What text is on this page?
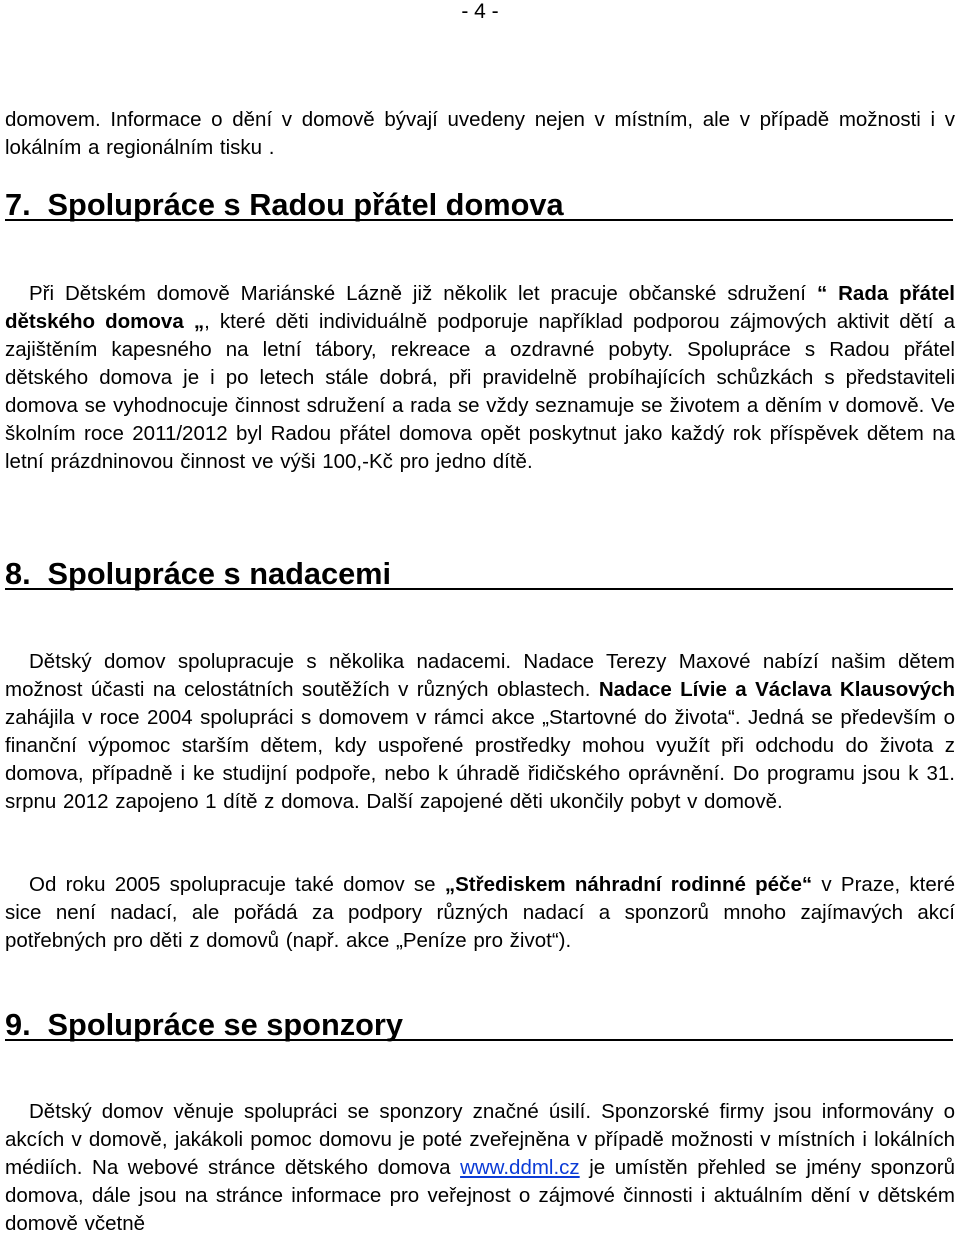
- 4 -

domovem. Informace o dění v domově bývají uvedeny nejen v místním, ale v případě možnosti i v lokálním a regionálním tisku .

7. Spolupráce s Radou přátel domova

Při Dětském domově Mariánské Lázně již několik let pracuje občanské sdružení “ Rada přátel dětského domova „, které děti individuálně podporuje například podporou zájmových aktivit dětí a zajištěním kapesného na letní tábory, rekreace a ozdravné pobyty. Spolupráce s Radou přátel dětského domova je i po letech stále dobrá, při pravidelně probíhajících schůzkách s představiteli domova se vyhodnocuje činnost sdružení a rada se vždy seznamuje se životem a děním v domově. Ve školním roce 2011/2012 byl Radou přátel domova opět poskytnut jako každý rok příspěvek dětem na letní prázdninovou činnost ve výši 100,-Kč pro jedno dítě.

8. Spolupráce s nadacemi

Dětský domov spolupracuje s několika nadacemi. Nadace Terezy Maxové nabízí našim dětem možnost účasti na celostátních soutěžích v různých oblastech. Nadace Lívie a Václava Klausových zahájila v roce 2004 spolupráci s domovem v rámci akce „Startovné do života“. Jedná se především o finanční výpomoc starším dětem, kdy uspořené prostředky mohou využít při odchodu do života z domova, případně i ke studijní podpoře, nebo k úhradě řidičského oprávnění. Do programu jsou k 31. srpnu 2012 zapojeno 1 dítě z domova. Další zapojené děti ukončily pobyt v domově.

Od roku 2005 spolupracuje také domov se „Střediskem náhradní rodinné péče“ v Praze, které sice není nadací, ale pořádá za podpory různých nadací a sponzorů mnoho zajímavých akcí potřebných pro děti z domovů (např. akce „Peníze pro život“).

9. Spolupráce se sponzory

Dětský domov věnuje spolupráci se sponzory značné úsilí. Sponzorské firmy jsou informovány o akcích v domově, jakákoli pomoc domovu je poté zveřejněna v případě možnosti v místních i lokálních médiích. Na webové stránce dětského domova www.ddml.cz je umístěn přehled se jmény sponzorů domova, dále jsou na stránce informace pro veřejnost o zájmové činnosti i aktuálním dění v dětském domově včetně
